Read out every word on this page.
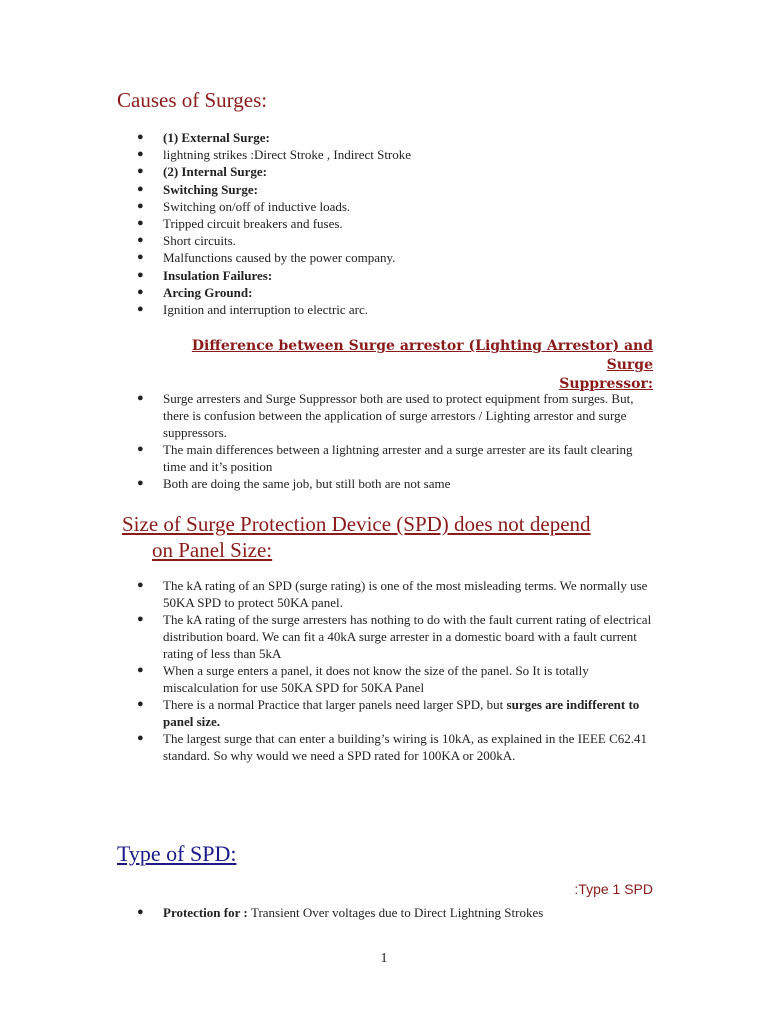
Causes of Surges:
● (1) External Surge:
● lightning strikes :Direct Stroke , Indirect Stroke
● (2) Internal Surge:
● Switching Surge:
● Switching on/off of inductive loads.
● Tripped circuit breakers and fuses.
● Short circuits.
● Malfunctions caused by the power company.
● Insulation Failures:
● Arcing Ground:
● Ignition and interruption to electric arc.
Difference between Surge arrestor (Lighting Arrestor) and Surge
Suppressor:
● Surge arresters and Surge Suppressor both are used to protect equipment from surges. But, there is confusion between the application of surge arrestors / Lighting arrestor and surge suppressors.
● The main differences between a lightning arrester and a surge arrester are its fault clearing time and it’s position
● Both are doing the same job, but still both are not same
Size of Surge Protection Device (SPD) does not depend
on Panel Size:
● The kA rating of an SPD (surge rating) is one of the most misleading terms. We normally use 50KA SPD to protect 50KA panel.
● The kA rating of the surge arresters has nothing to do with the fault current rating of electrical distribution board. We can fit a 40kA surge arrester in a domestic board with a fault current rating of less than 5kA
● When a surge enters a panel, it does not know the size of the panel. So It is totally miscalculation for use 50KA SPD for 50KA Panel
● There is a normal Practice that larger panels need larger SPD, but surges are indifferent to panel size.
● The largest surge that can enter a building’s wiring is 10kA, as explained in the IEEE C62.41 standard. So why would we need a SPD rated for 100KA or 200kA.
Type of SPD:
:Type 1 SPD
● Protection for : Transient Over voltages due to Direct Lightning Strokes
1
